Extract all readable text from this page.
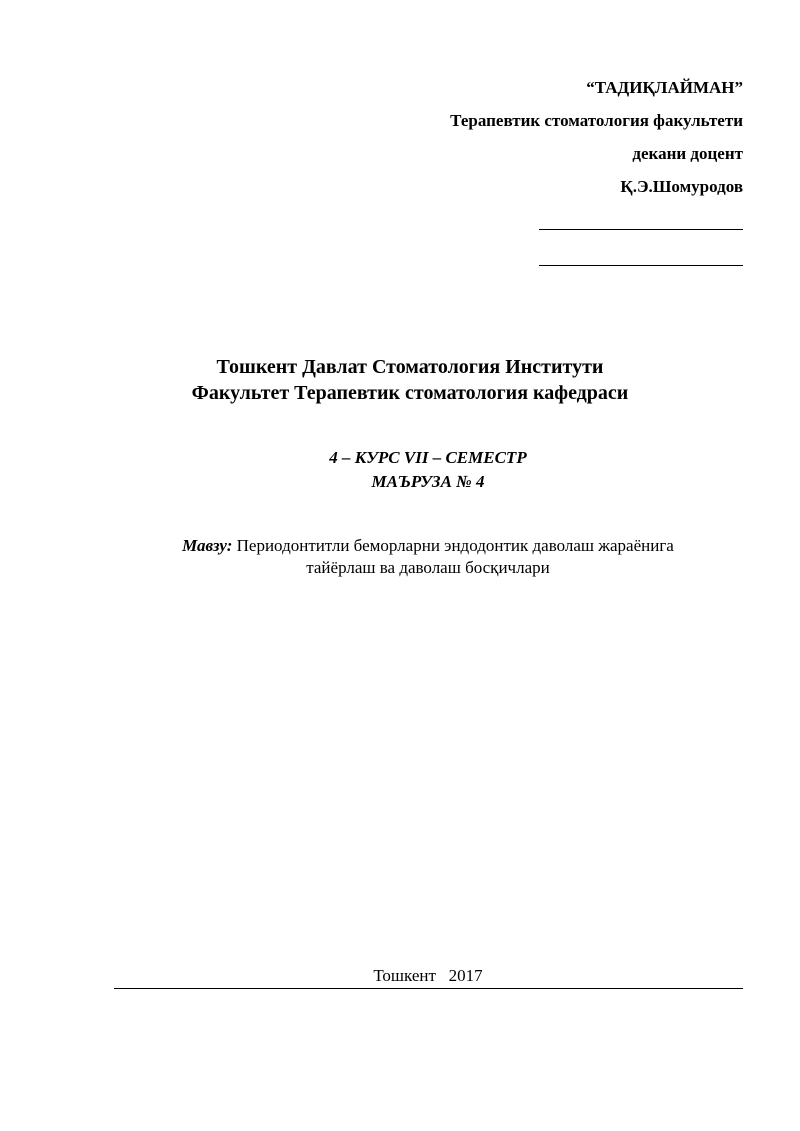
“ТАДИҚЛАЙМАН”
Терапевтик стоматология факультети
декани доцент
Қ.Э.Шомуродов
Тошкент Давлат Стоматология Институти
Факультет Терапевтик стоматология кафедраси
4 – КУРС VII – СЕМЕСТР
МАЪРУЗА № 4
Мавзу: Периодонтитли беморларни эндодонтик даволаш жараёнига
тайёрлаш ва даволаш босқичлари
Тошкент   2017
